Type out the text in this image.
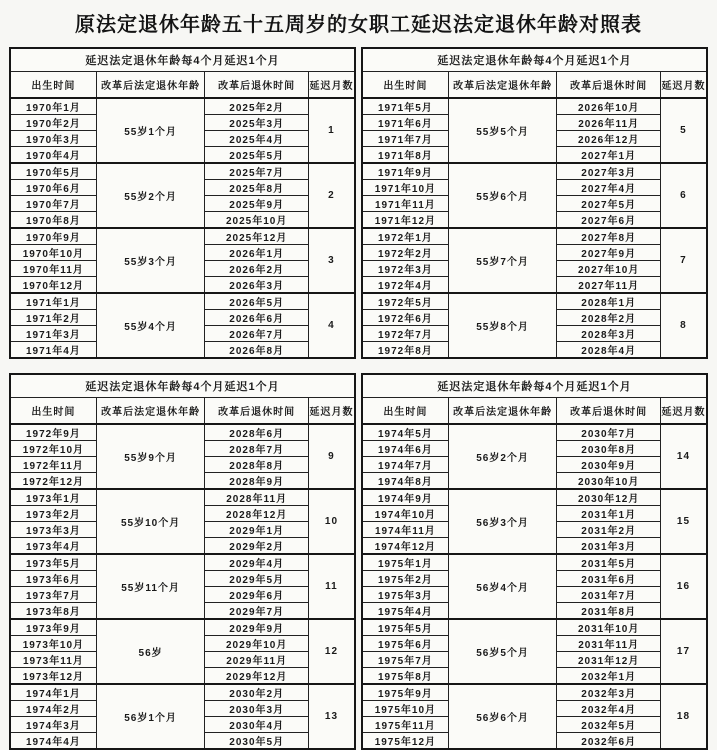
原法定退休年龄五十五周岁的女职工延迟法定退休年龄对照表
延迟法定退休年龄每4个月延迟1个月			
出生时间	改革后法定退休年龄	改革后退休时间	延迟月数
1970年1月	55岁1个月	2025年2月	1
1970年2月		2025年3月	
1970年3月		2025年4月	
1970年4月		2025年5月	
1970年5月	55岁2个月	2025年7月	2
1970年6月		2025年8月	
1970年7月		2025年9月	
1970年8月		2025年10月	
1970年9月	55岁3个月	2025年12月	3
1970年10月		2026年1月	
1970年11月		2026年2月	
1970年12月		2026年3月	
1971年1月	55岁4个月	2026年5月	4
1971年2月		2026年6月	
1971年3月		2026年7月	
1971年4月		2026年8月	
延迟法定退休年龄每4个月延迟1个月			
出生时间	改革后法定退休年龄	改革后退休时间	延迟月数
1971年5月	55岁5个月	2026年10月	5
1971年6月		2026年11月	
1971年7月		2026年12月	
1971年8月		2027年1月	
1971年9月	55岁6个月	2027年3月	6
1971年10月		2027年4月	
1971年11月		2027年5月	
1971年12月		2027年6月	
1972年1月	55岁7个月	2027年8月	7
1972年2月		2027年9月	
1972年3月		2027年10月	
1972年4月		2027年11月	
1972年5月	55岁8个月	2028年1月	8
1972年6月		2028年2月	
1972年7月		2028年3月	
1972年8月		2028年4月	
延迟法定退休年龄每4个月延迟1个月			
出生时间	改革后法定退休年龄	改革后退休时间	延迟月数
1972年9月	55岁9个月	2028年6月	9
1972年10月		2028年7月	
1972年11月		2028年8月	
1972年12月		2028年9月	
1973年1月	55岁10个月	2028年11月	10
1973年2月		2028年12月	
1973年3月		2029年1月	
1973年4月		2029年2月	
1973年5月	55岁11个月	2029年4月	11
1973年6月		2029年5月	
1973年7月		2029年6月	
1973年8月		2029年7月	
1973年9月	56岁	2029年9月	12
1973年10月		2029年10月	
1973年11月		2029年11月	
1973年12月		2029年12月	
1974年1月	56岁1个月	2030年2月	13
1974年2月		2030年3月	
1974年3月		2030年4月	
1974年4月		2030年5月	
延迟法定退休年龄每4个月延迟1个月			
出生时间	改革后法定退休年龄	改革后退休时间	延迟月数
1974年5月	56岁2个月	2030年7月	14
1974年6月		2030年8月	
1974年7月		2030年9月	
1974年8月		2030年10月	
1974年9月	56岁3个月	2030年12月	15
1974年10月		2031年1月	
1974年11月		2031年2月	
1974年12月		2031年3月	
1975年1月	56岁4个月	2031年5月	16
1975年2月		2031年6月	
1975年3月		2031年7月	
1975年4月		2031年8月	
1975年5月	56岁5个月	2031年10月	17
1975年6月		2031年11月	
1975年7月		2031年12月	
1975年8月		2032年1月	
1975年9月	56岁6个月	2032年3月	18
1975年10月		2032年4月	
1975年11月		2032年5月	
1975年12月		2032年6月	
